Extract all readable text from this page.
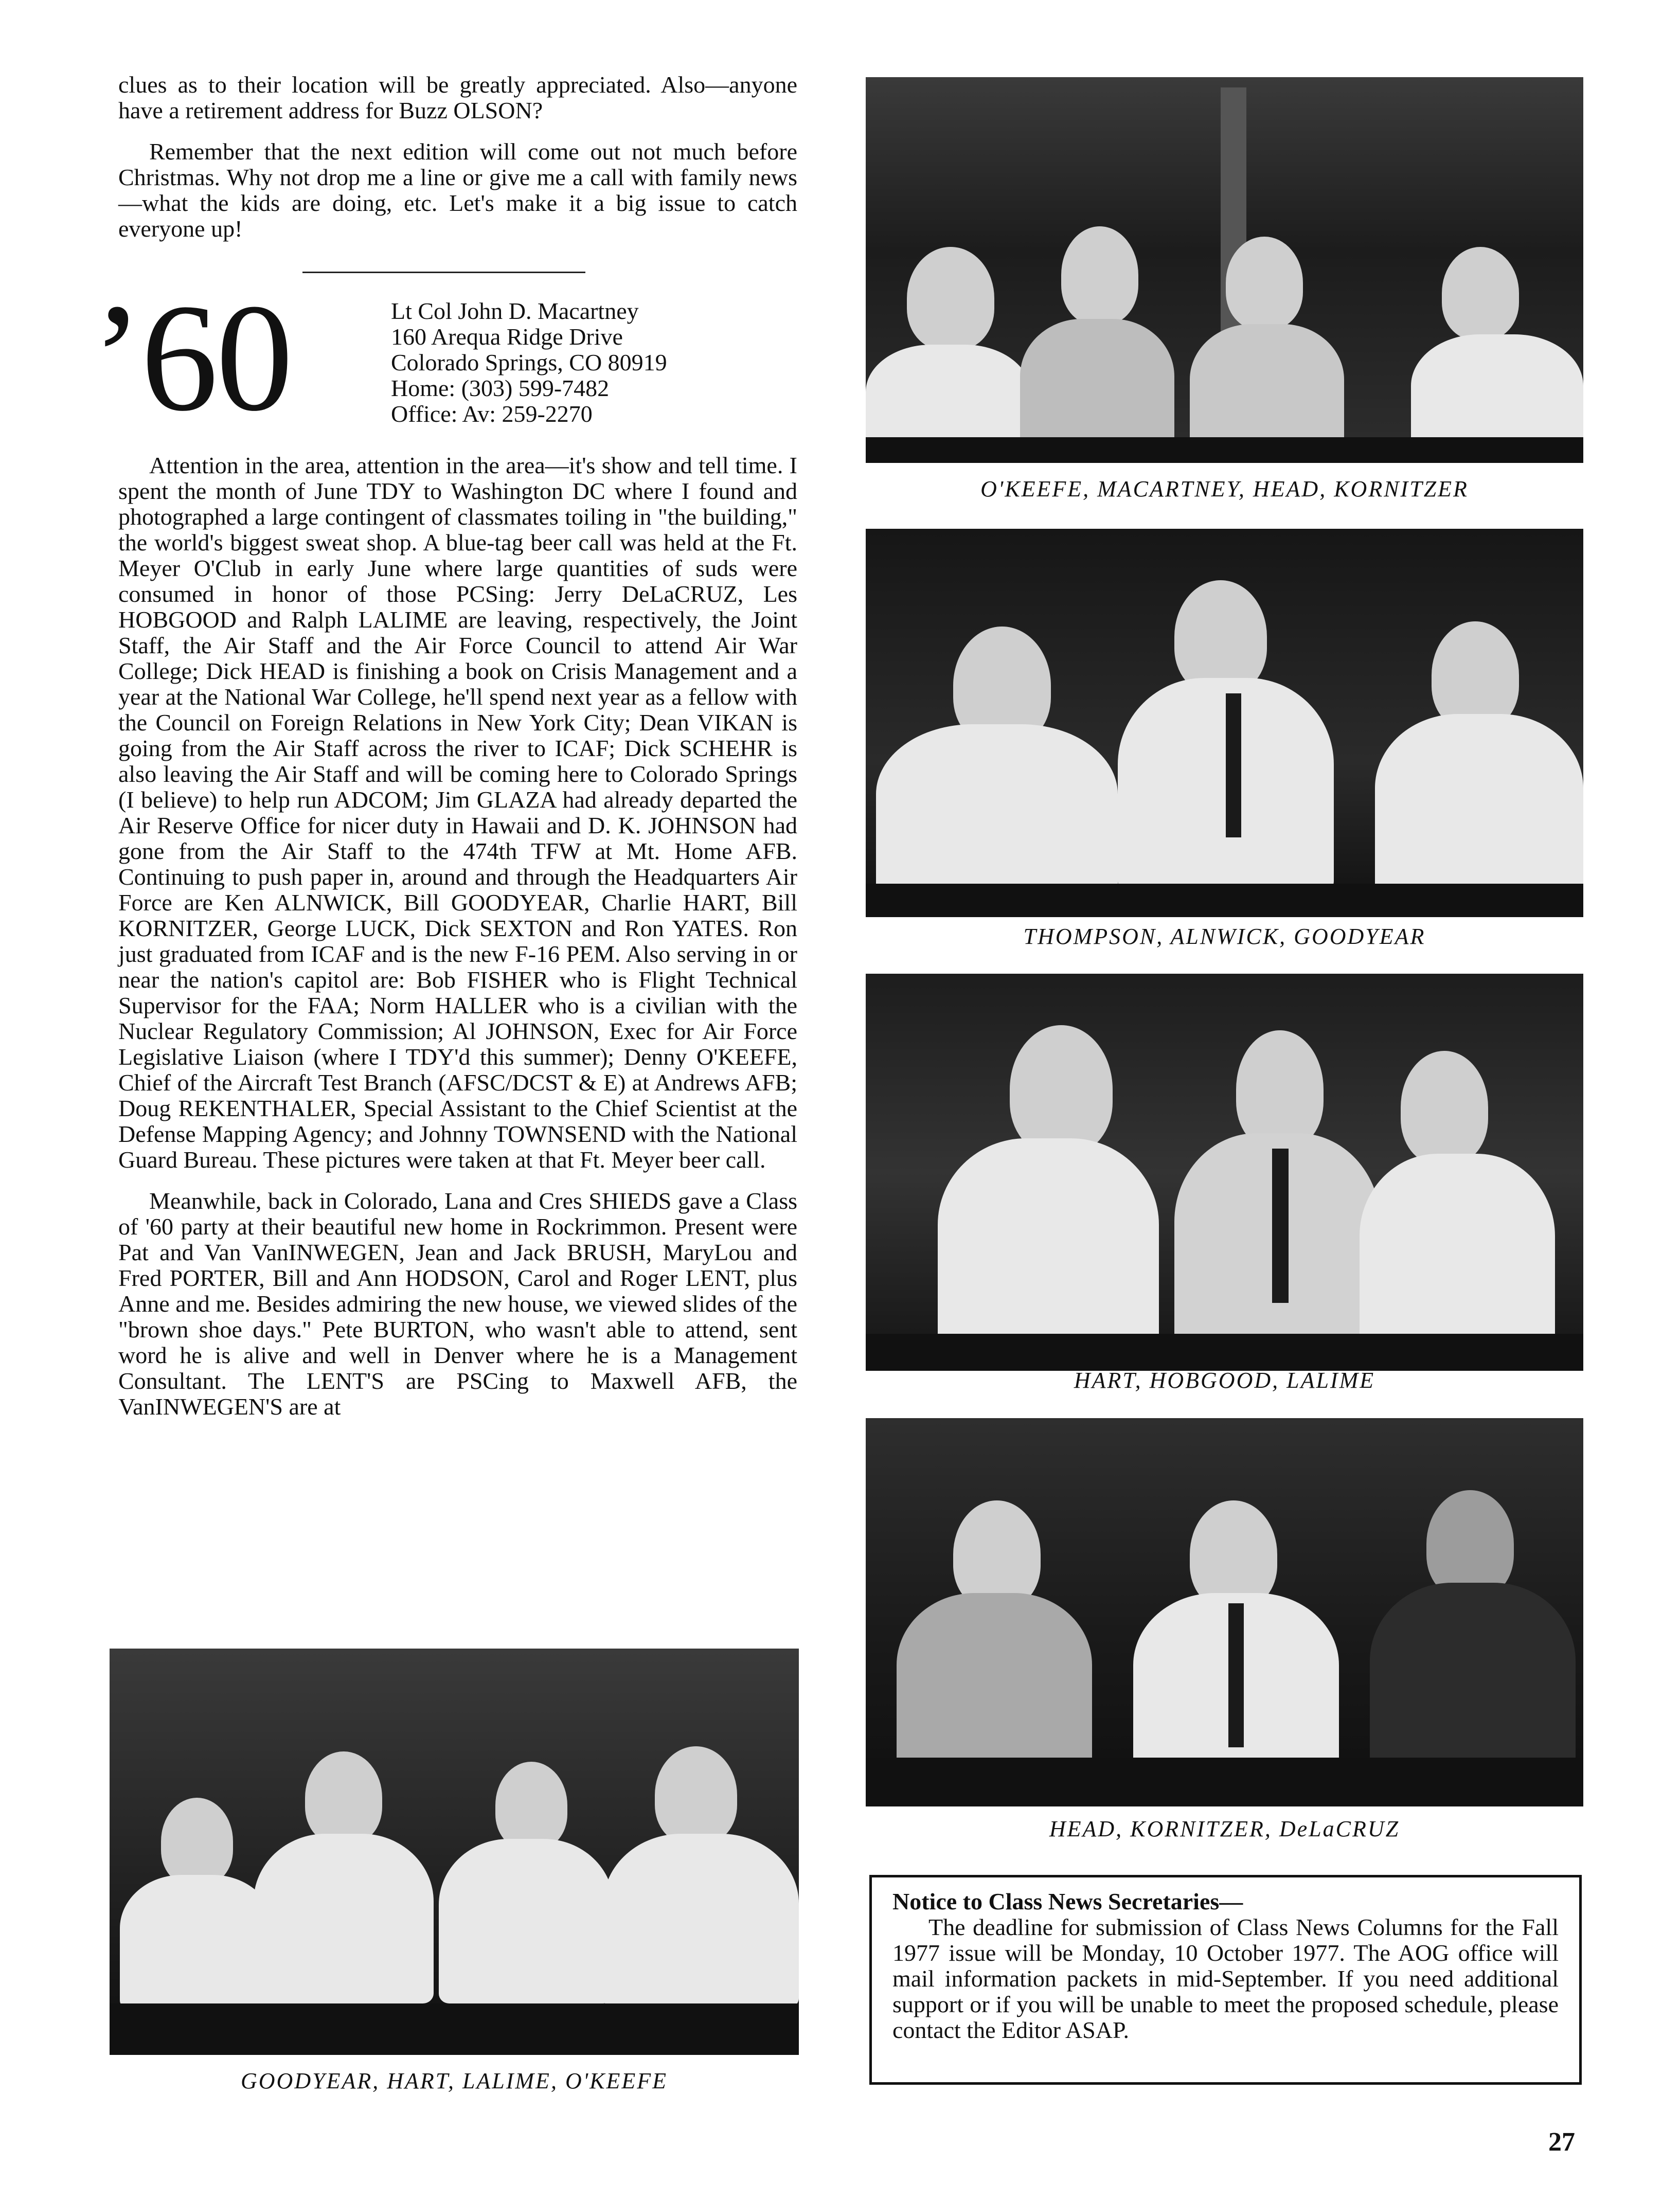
clues as to their location will be greatly appreciated. Also—anyone have a retirement address for Buzz OLSON?

Remember that the next edition will come out not much before Christmas. Why not drop me a line or give me a call with family news—what the kids are doing, etc. Let's make it a big issue to catch everyone up!

’60	Lt Col John D. Macartney
160 Arequa Ridge Drive
Colorado Springs, CO 80919
Home: (303) 599-7482
Office: Av: 259-2270

Attention in the area, attention in the area—it's show and tell time. I spent the month of June TDY to Washington DC where I found and photographed a large contingent of classmates toiling in "the building," the world's biggest sweat shop. A blue-tag beer call was held at the Ft. Meyer O'Club in early June where large quantities of suds were consumed in honor of those PCSing: Jerry DeLaCRUZ, Les HOBGOOD and Ralph LALIME are leaving, respectively, the Joint Staff, the Air Staff and the Air Force Council to attend Air War College; Dick HEAD is finishing a book on Crisis Management and a year at the National War College, he'll spend next year as a fellow with the Council on Foreign Relations in New York City; Dean VIKAN is going from the Air Staff across the river to ICAF; Dick SCHEHR is also leaving the Air Staff and will be coming here to Colorado Springs (I believe) to help run ADCOM; Jim GLAZA had already departed the Air Reserve Office for nicer duty in Hawaii and D. K. JOHNSON had gone from the Air Staff to the 474th TFW at Mt. Home AFB. Continuing to push paper in, around and through the Headquarters Air Force are Ken ALNWICK, Bill GOODYEAR, Charlie HART, Bill KORNITZER, George LUCK, Dick SEXTON and Ron YATES. Ron just graduated from ICAF and is the new F-16 PEM. Also serving in or near the nation's capitol are: Bob FISHER who is Flight Technical Supervisor for the FAA; Norm HALLER who is a civilian with the Nuclear Regulatory Commission; Al JOHNSON, Exec for Air Force Legislative Liaison (where I TDY'd this summer); Denny O'KEEFE, Chief of the Aircraft Test Branch (AFSC/DCST & E) at Andrews AFB; Doug REKENTHALER, Special Assistant to the Chief Scientist at the Defense Mapping Agency; and Johnny TOWNSEND with the National Guard Bureau. These pictures were taken at that Ft. Meyer beer call.

Meanwhile, back in Colorado, Lana and Cres SHIEDS gave a Class of '60 party at their beautiful new home in Rockrimmon. Present were Pat and Van VanINWEGEN, Jean and Jack BRUSH, MaryLou and Fred PORTER, Bill and Ann HODSON, Carol and Roger LENT, plus Anne and me. Besides admiring the new house, we viewed slides of the "brown shoe days." Pete BURTON, who wasn't able to attend, sent word he is alive and well in Denver where he is a Management Consultant. The LENT'S are PSCing to Maxwell AFB, the VanINWEGEN'S are at

O'KEEFE, MACARTNEY, HEAD, KORNITZER
THOMPSON, ALNWICK, GOODYEAR
HART, HOBGOOD, LALIME
HEAD, KORNITZER, DeLaCRUZ
GOODYEAR, HART, LALIME, O'KEEFE
Notice to Class News Secretaries—

The deadline for submission of Class News Columns for the Fall 1977 issue will be Monday, 10 October 1977. The AOG office will mail information packets in mid-September. If you need additional support or if you will be unable to meet the proposed schedule, please contact the Editor ASAP.

27
